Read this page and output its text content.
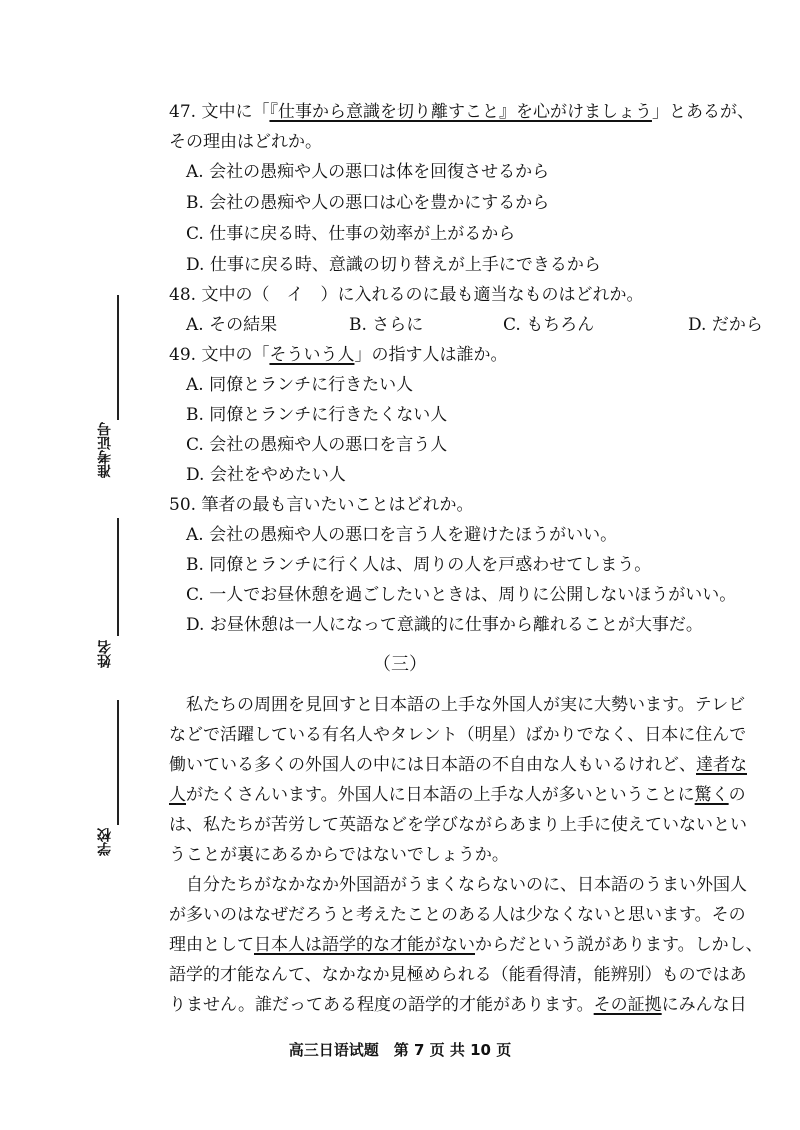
准考证号
姓名
学校
47. 文中に「『仕事から意識を切り離すこと』を心がけましょう」とあるが、
その理由はどれか。
A. 会社の愚痴や人の悪口は体を回復させるから
B. 会社の愚痴や人の悪口は心を豊かにするから
C. 仕事に戻る時、仕事の効率が上がるから
D. 仕事に戻る時、意識の切り替えが上手にできるから
48. 文中の（　イ　）に入れるのに最も適当なものはどれか。
A. その結果	B. さらに	C. もちろん	D. だから
49. 文中の「そういう人」の指す人は誰か。
A. 同僚とランチに行きたい人
B. 同僚とランチに行きたくない人
C. 会社の愚痴や人の悪口を言う人
D. 会社をやめたい人
50. 筆者の最も言いたいことはどれか。
A. 会社の愚痴や人の悪口を言う人を避けたほうがいい。
B. 同僚とランチに行く人は、周りの人を戸惑わせてしまう。
C. 一人でお昼休憩を過ごしたいときは、周りに公開しないほうがいい。
D. お昼休憩は一人になって意識的に仕事から離れることが大事だ。
（三）
　私たちの周囲を見回すと日本語の上手な外国人が実に大勢います。テレビ
などで活躍している有名人やタレント（明星）ばかりでなく、日本に住んで
働いている多くの外国人の中には日本語の不自由な人もいるけれど、達者な
人がたくさんいます。外国人に日本語の上手な人が多いということに驚くの
は、私たちが苦労して英語などを学びながらあまり上手に使えていないとい
うことが裏にあるからではないでしょうか。
　自分たちがなかなか外国語がうまくならないのに、日本語のうまい外国人
が多いのはなぜだろうと考えたことのある人は少なくないと思います。その
理由として日本人は語学的な才能がないからだという説があります。しかし、
語学的才能なんて、なかなか見極められる（能看得清，能辨别）ものではあ
りません。誰だってある程度の語学的才能があります。その証拠にみんな日
高三日语试题　第 7 页 共 10 页
